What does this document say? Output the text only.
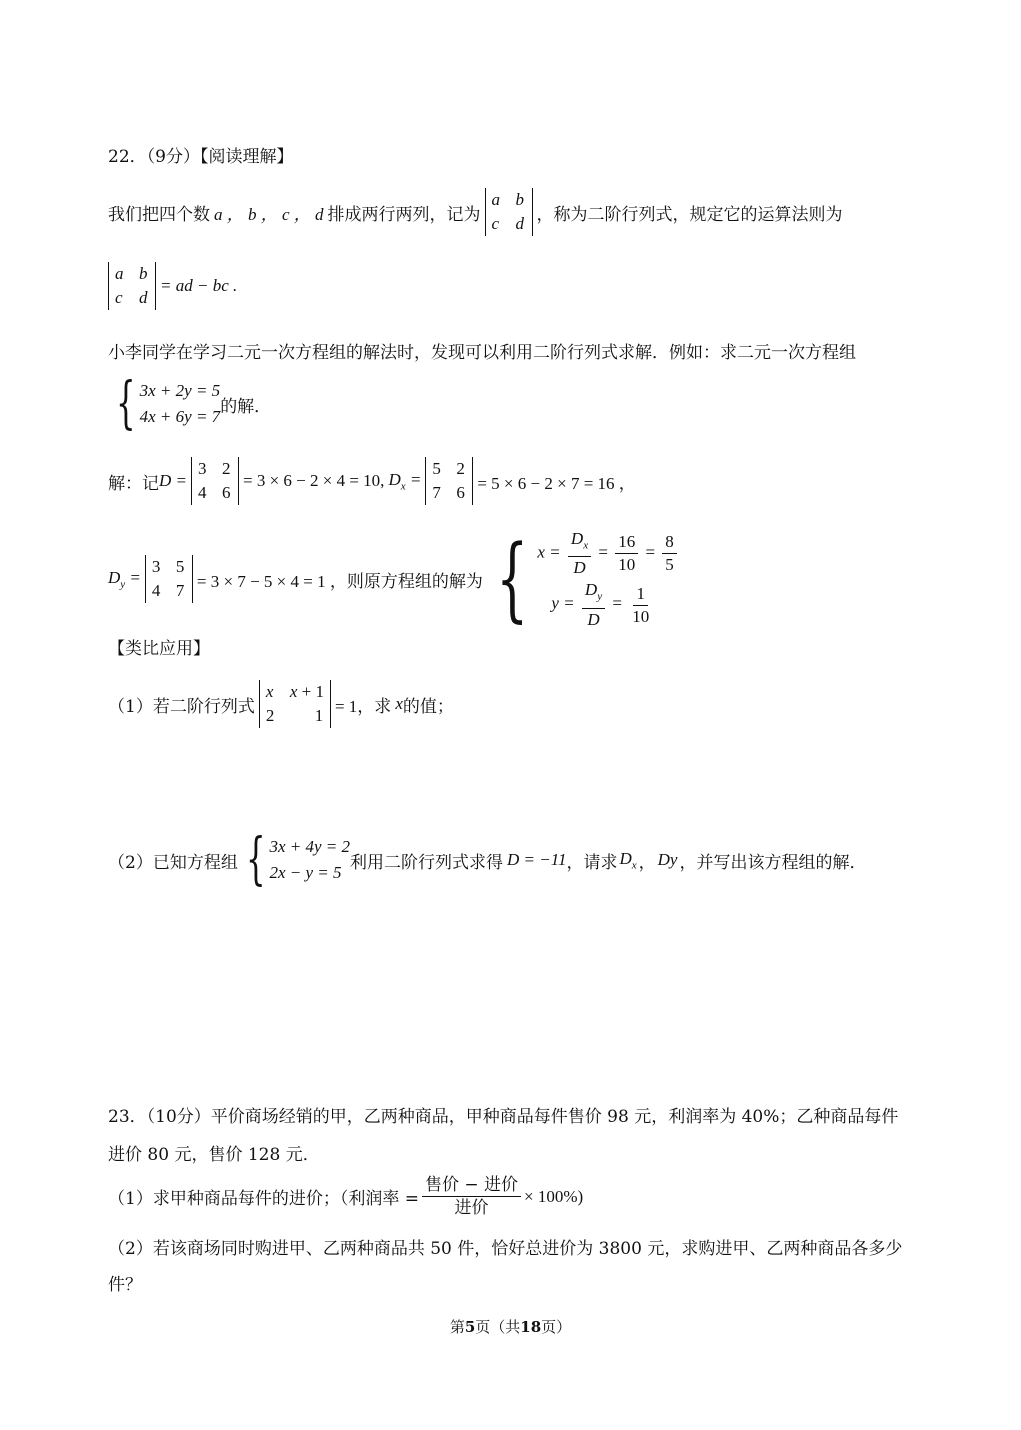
22．（9分）【阅读理解】
我们把四个数 a ， b ， c ， d 排成两行两列，记为
a b
c d ，称为二阶行列式，规定它的运算法则为
a b
c d
= ad − bc .
小李同学在学习二元一次方程组的解法时，发现可以利用二阶行列式求解．例如：求二元一次方程组
{ 3x + 2y = 5
4x + 6y = 7 的解．
解：记 D =
3 2
4 6
= 3 × 6 − 2 × 4 = 10, $D_x$ =
5 2
7 6 = 5 × 6 − 2 × 7 = 16 ，
$D_y$ =
3 5
4 7 = 3 × 7 − 5 × 4 = 1 ，则原方程组的解为 { $x = \frac{D_x}{D} = \frac{16}{10} = \frac{8}{5}$
$y = \frac{D_y}{D} = \frac{1}{10}$
【类比应用】
（1）若二阶行列式
x x + 1
2 1 = 1，求 x 的值；
（2）已知方程组 { 3x + 4y = 2
2x − y = 5 利用二阶行列式求得 D = −11 ，请求 $D_x$ ， Dy ，并写出该方程组的解．
23．（10分）平价商场经销的甲，乙两种商品，甲种商品每件售价 98 元，利润率为 40%；乙种商品每件
进价 80 元，售价 128 元．
（1）求甲种商品每件的进价；（利润率 = $\frac{\text{售价 − 进价}}{\text{进价}} \times 100\%$)
（2）若该商场同时购进甲、乙两种商品共 50 件，恰好总进价为 3800 元，求购进甲、乙两种商品各多少
件？
第5页（共18页）
